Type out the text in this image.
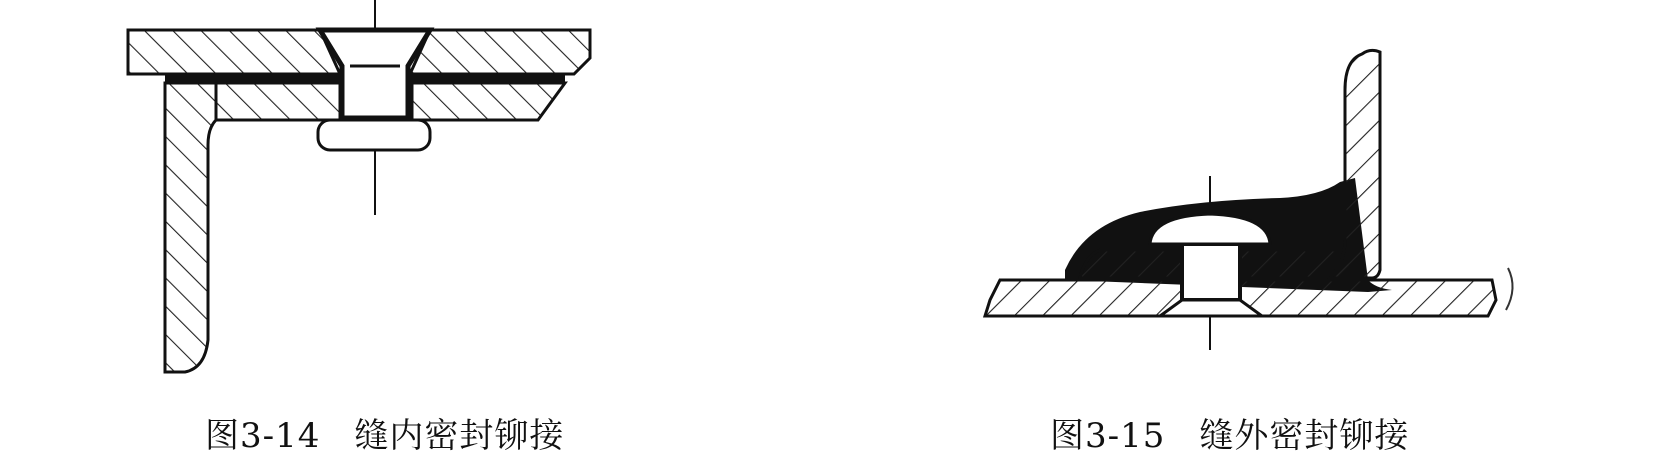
图3-14 缝内密封铆接	图3-15 缝外密封铆接
